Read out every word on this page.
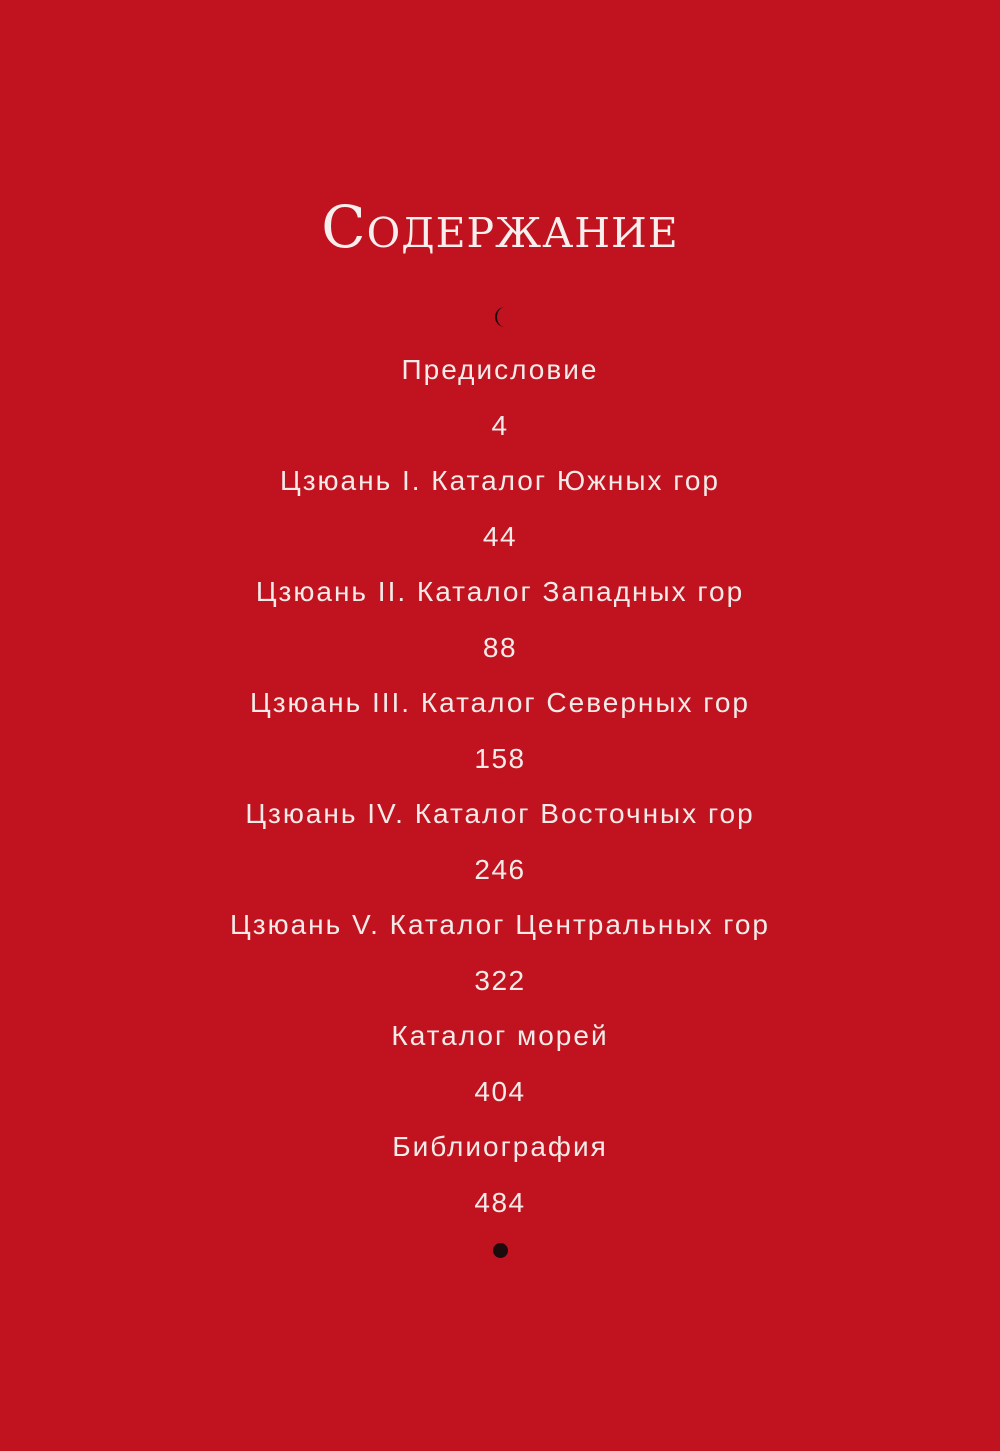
Содержание
Предисловие
4
Цзюань I. Каталог Южных гор
44
Цзюань II. Каталог Западных гор
88
Цзюань III. Каталог Северных гор
158
Цзюань IV. Каталог Восточных гор
246
Цзюань V. Каталог Центральных гор
322
Каталог морей
404
Библиография
484
